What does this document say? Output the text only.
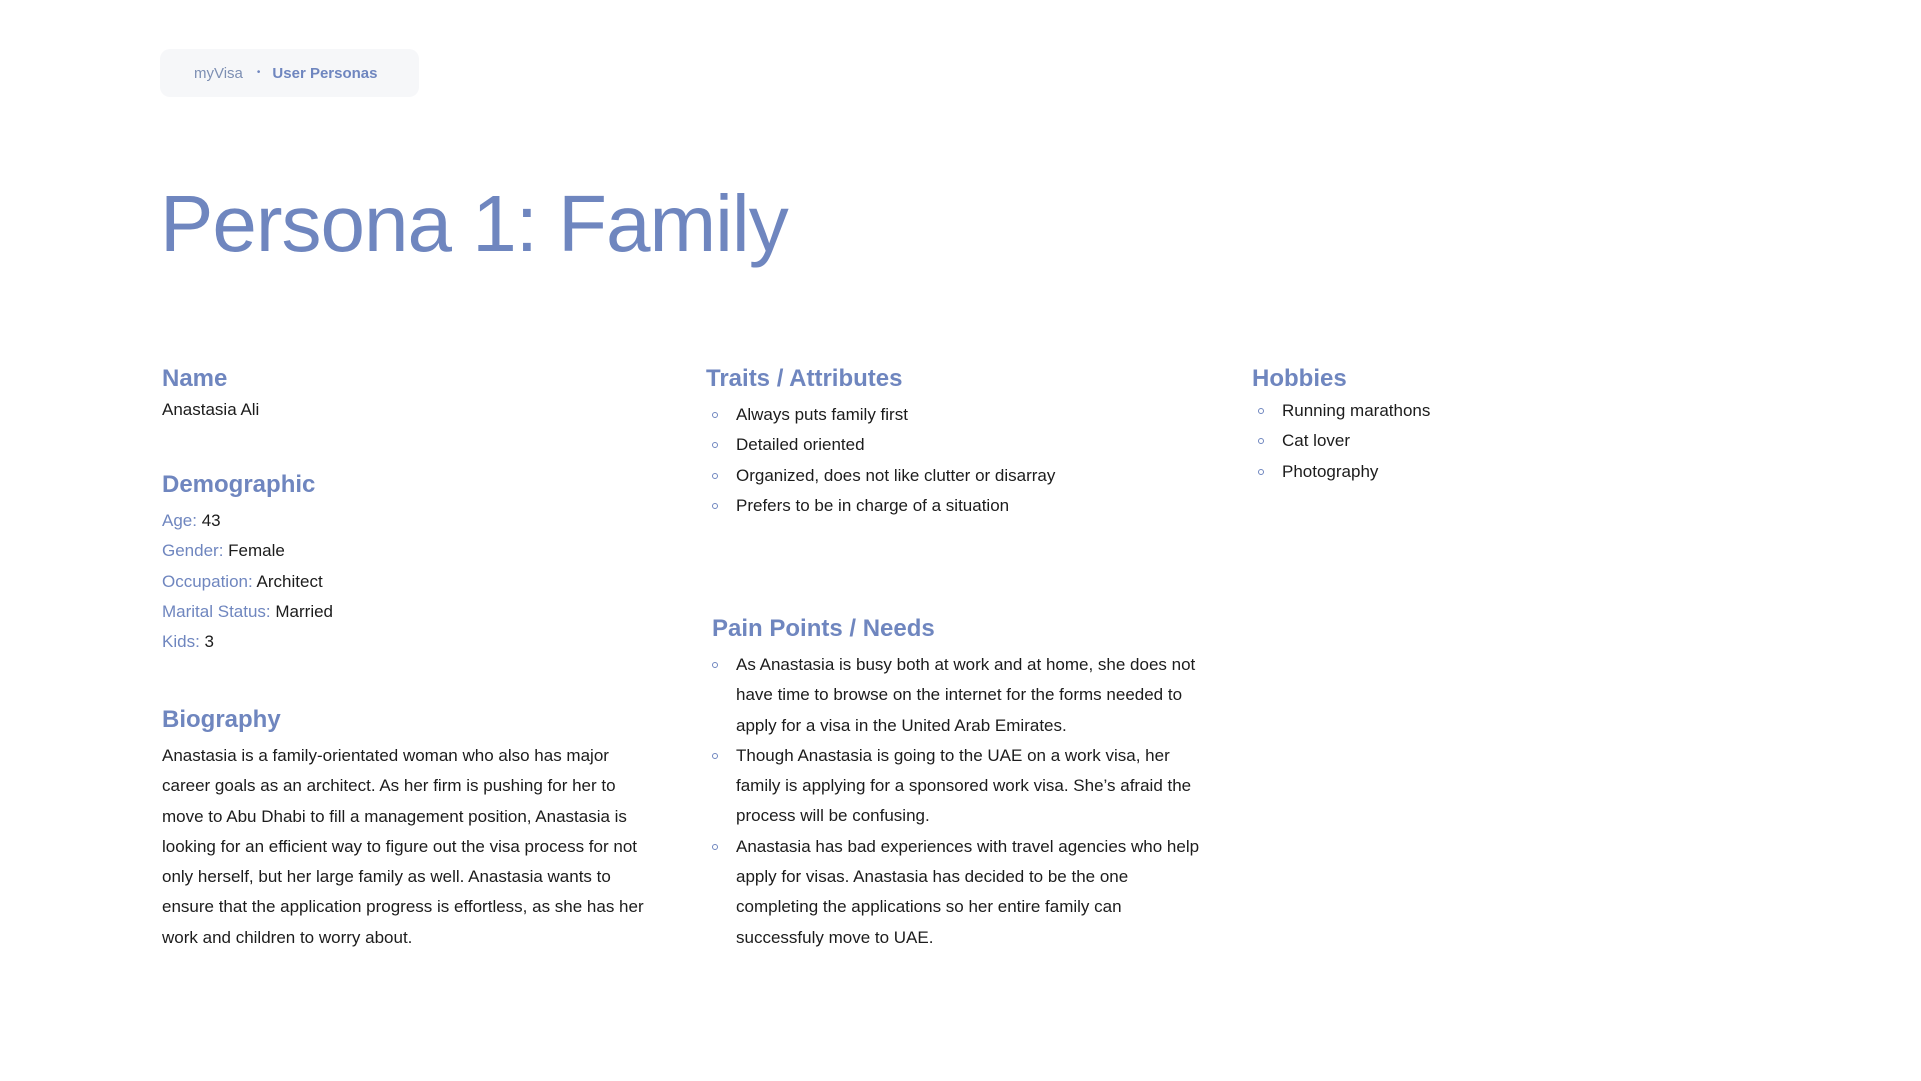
myVisa • User Personas
Persona 1: Family
Name
Anastasia Ali
Demographic
Age: 43
Gender: Female
Occupation: Architect
Marital Status: Married
Kids: 3
Biography

Anastasia is a family-orientated woman who also has major career goals as an architect. As her firm is pushing for her to move to Abu Dhabi to fill a management position, Anastasia is looking for an efficient way to figure out the visa process for not only herself, but her large family as well. Anastasia wants to ensure that the application progress is effortless, as she has her work and children to worry about.

Traits / Attributes
Always puts family first
Detailed oriented
Organized, does not like clutter or disarray
Prefers to be in charge of a situation
Pain Points / Needs
As Anastasia is busy both at work and at home, she does not have time to browse on the internet for the forms needed to apply for a visa in the United Arab Emirates.
Though Anastasia is going to the UAE on a work visa, her family is applying for a sponsored work visa. She’s afraid the process will be confusing.
Anastasia has bad experiences with travel agencies who help apply for visas. Anastasia has decided to be the one completing the applications so her entire family can successfuly move to UAE.
Hobbies
Running marathons
Cat lover
Photography
